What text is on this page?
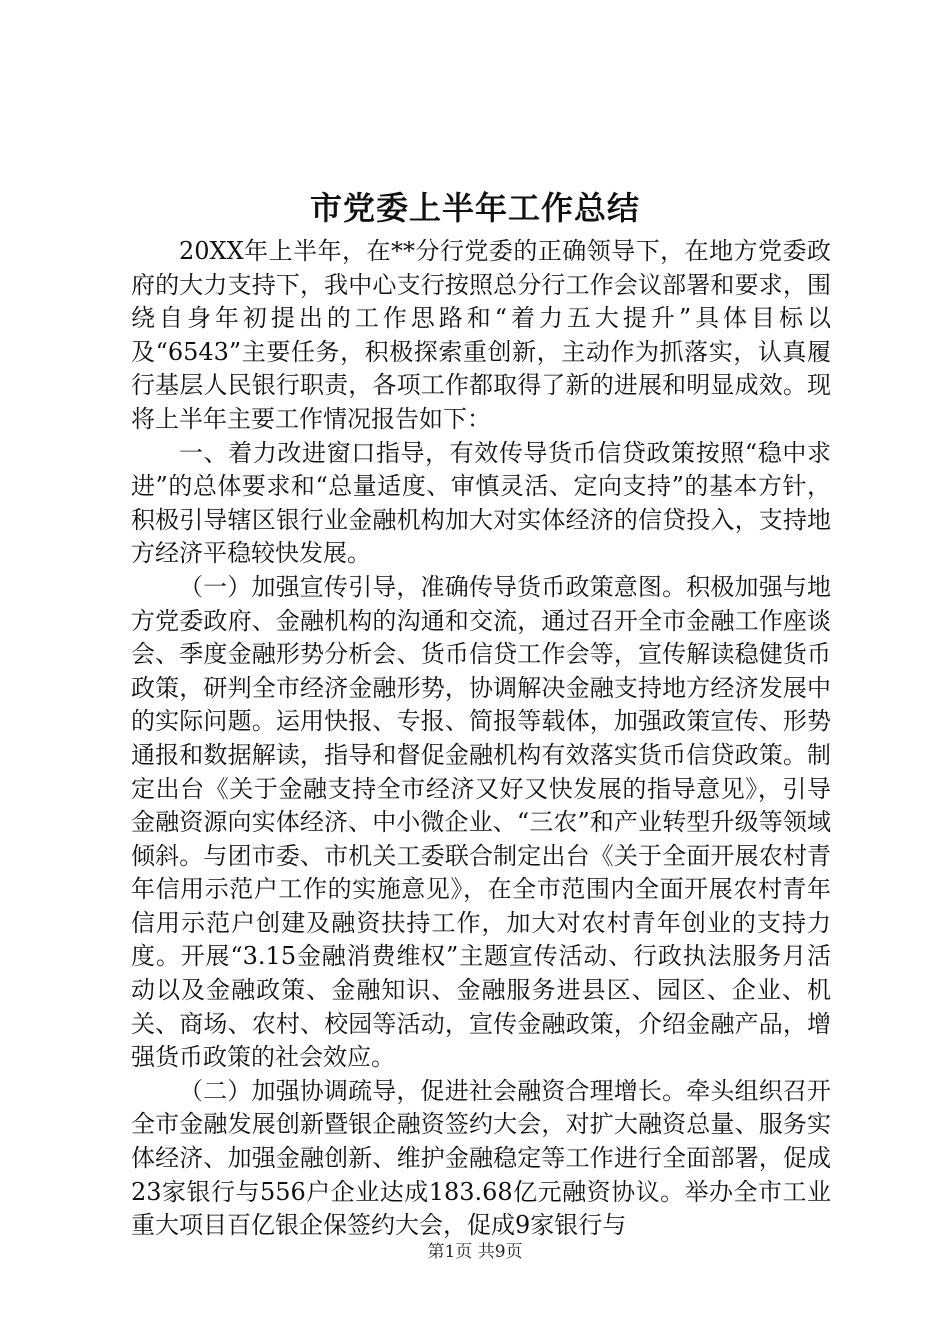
市党委上半年工作总结

20XX年上半年，在**分行党委的正确领导下，在地方党委政府的大力支持下，我中心支行按照总分行工作会议部署和要求，围绕自身年初提出的工作思路和“着力五大提升”具体目标以及“6543”主要任务，积极探索重创新，主动作为抓落实，认真履行基层人民银行职责，各项工作都取得了新的进展和明显成效。现将上半年主要工作情况报告如下：

一、着力改进窗口指导，有效传导货币信贷政策按照“稳中求进”的总体要求和“总量适度、审慎灵活、定向支持”的基本方针，积极引导辖区银行业金融机构加大对实体经济的信贷投入，支持地方经济平稳较快发展。

（一）加强宣传引导，准确传导货币政策意图。积极加强与地方党委政府、金融机构的沟通和交流，通过召开全市金融工作座谈会、季度金融形势分析会、货币信贷工作会等，宣传解读稳健货币政策，研判全市经济金融形势，协调解决金融支持地方经济发展中的实际问题。运用快报、专报、简报等载体，加强政策宣传、形势通报和数据解读，指导和督促金融机构有效落实货币信贷政策。制定出台《关于金融支持全市经济又好又快发展的指导意见》，引导金融资源向实体经济、中小微企业、“三农”和产业转型升级等领域倾斜。与团市委、市机关工委联合制定出台《关于全面开展农村青年信用示范户工作的实施意见》，在全市范围内全面开展农村青年信用示范户创建及融资扶持工作，加大对农村青年创业的支持力度。开展“3.15金融消费维权”主题宣传活动、行政执法服务月活动以及金融政策、金融知识、金融服务进县区、园区、企业、机关、商场、农村、校园等活动，宣传金融政策，介绍金融产品，增强货币政策的社会效应。

（二）加强协调疏导，促进社会融资合理增长。牵头组织召开全市金融发展创新暨银企融资签约大会，对扩大融资总量、服务实体经济、加强金融创新、维护金融稳定等工作进行全面部署，促成23家银行与556户企业达成183.68亿元融资协议。举办全市工业重大项目百亿银企保签约大会，促成9家银行与

第1页 共9页
